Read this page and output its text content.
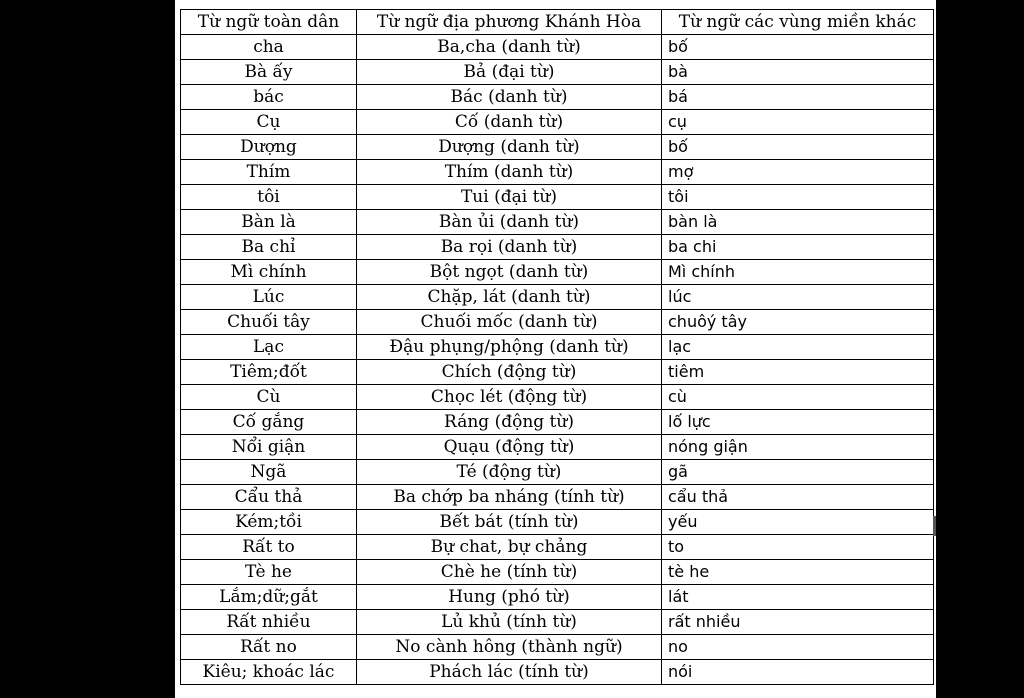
Từ ngữ toàn dân	Từ ngữ địa phương Khánh Hòa	Từ ngữ các vùng miền khác
cha	Ba,cha (danh từ)	bố
Bà ấy	Bả (đại từ)	bà
bác	Bác (danh từ)	bá
Cụ	Cố (danh từ)	cụ
Dượng	Dượng (danh từ)	bố
Thím	Thím (danh từ)	mợ
tôi	Tui (đại từ)	tôi
Bàn là	Bàn ủi (danh từ)	bàn là
Ba chỉ	Ba rọi (danh từ)	ba chi
Mì chính	Bột ngọt (danh từ)	Mì chính
Lúc	Chặp, lát (danh từ)	lúc
Chuối tây	Chuối mốc (danh từ)	chuôý tây
Lạc	Đậu phụng/phộng (danh từ)	lạc
Tiêm;đốt	Chích (động từ)	tiêm
Cù	Chọc lét (động từ)	cù
Cố gắng	Ráng (động từ)	lố lực
Nổi giận	Quạu (động từ)	nóng giận
Ngã	Té (động từ)	gã
Cẩu thả	Ba chớp ba nháng (tính từ)	cẩu thả
Kém;tồi	Bết bát (tính từ)	yếu
Rất to	Bự chat, bự chảng	to
Tè he	Chè he (tính từ)	tè he
Lắm;dữ;gắt	Hung (phó từ)	lát
Rất nhiều	Lủ khủ (tính từ)	rất nhiều
Rất no	No cành hông (thành ngữ)	no
Kiêu; khoác lác	Phách lác (tính từ)	nói
